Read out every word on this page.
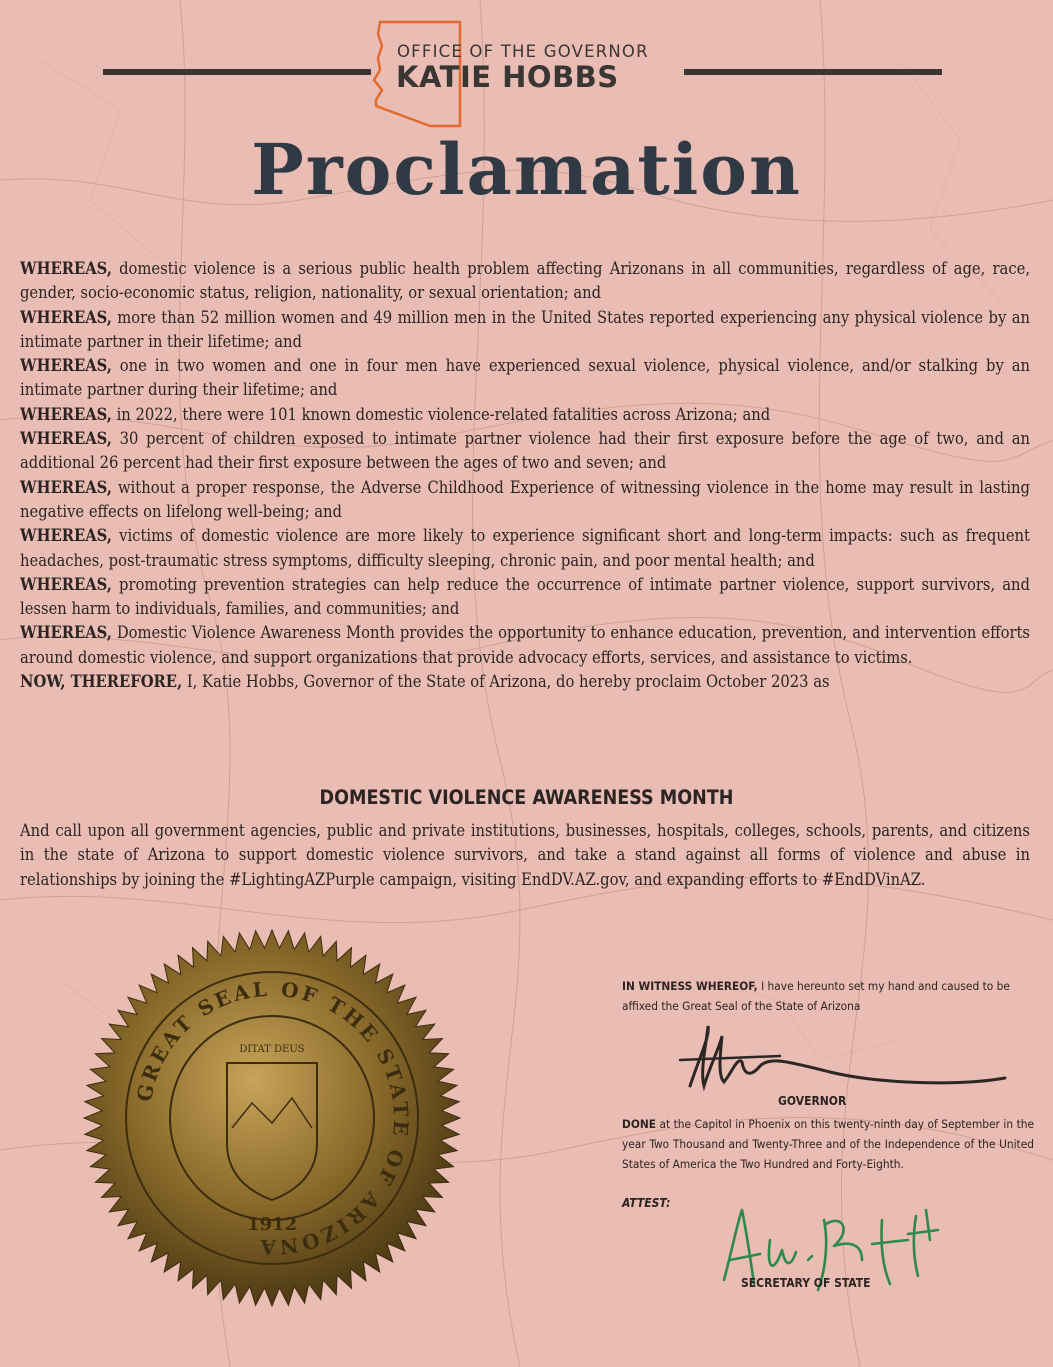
OFFICE OF THE GOVERNOR
KATIE HOBBS
Proclamation

WHEREAS, domestic violence is a serious public health problem affecting Arizonans in all communities, regardless of age, race, gender, socio-economic status, religion, nationality, or sexual orientation; and

WHEREAS, more than 52 million women and 49 million men in the United States reported experiencing any physical violence by an intimate partner in their lifetime; and

WHEREAS, one in two women and one in four men have experienced sexual violence, physical violence, and/or stalking by an intimate partner during their lifetime; and

WHEREAS, in 2022, there were 101 known domestic violence-related fatalities across Arizona; and

WHEREAS, 30 percent of children exposed to intimate partner violence had their first exposure before the age of two, and an additional 26 percent had their first exposure between the ages of two and seven; and

WHEREAS, without a proper response, the Adverse Childhood Experience of witnessing violence in the home may result in lasting negative effects on lifelong well-being; and

WHEREAS, victims of domestic violence are more likely to experience significant short and long-term impacts: such as frequent headaches, post-traumatic stress symptoms, difficulty sleeping, chronic pain, and poor mental health; and

WHEREAS, promoting prevention strategies can help reduce the occurrence of intimate partner violence, support survivors, and lessen harm to individuals, families, and communities; and

WHEREAS, Domestic Violence Awareness Month provides the opportunity to enhance education, prevention, and intervention efforts around domestic violence, and support organizations that provide advocacy efforts, services, and assistance to victims.

NOW, THEREFORE, I, Katie Hobbs, Governor of the State of Arizona, do hereby proclaim October 2023 as

DOMESTIC VIOLENCE AWARENESS MONTH

And call upon all government agencies, public and private institutions, businesses, hospitals, colleges, schools, parents, and citizens in the state of Arizona to support domestic violence survivors, and take a stand against all forms of violence and abuse in relationships by joining the #LightingAZPurple campaign, visiting EndDV.AZ.gov, and expanding efforts to #EndDVinAZ.

GREAT SEAL OF THE STATE OF ARIZONA
DITAT DEUS
1912
IN WITNESS WHEREOF, I have hereunto set my hand and caused to be affixed the Great Seal of the State of Arizona
GOVERNOR
DONE at the Capitol in Phoenix on this twenty-ninth day of September in the year Two Thousand and Twenty-Three and of the Independence of the United States of America the Two Hundred and Forty-Eighth.
ATTEST:
SECRETARY OF STATE
